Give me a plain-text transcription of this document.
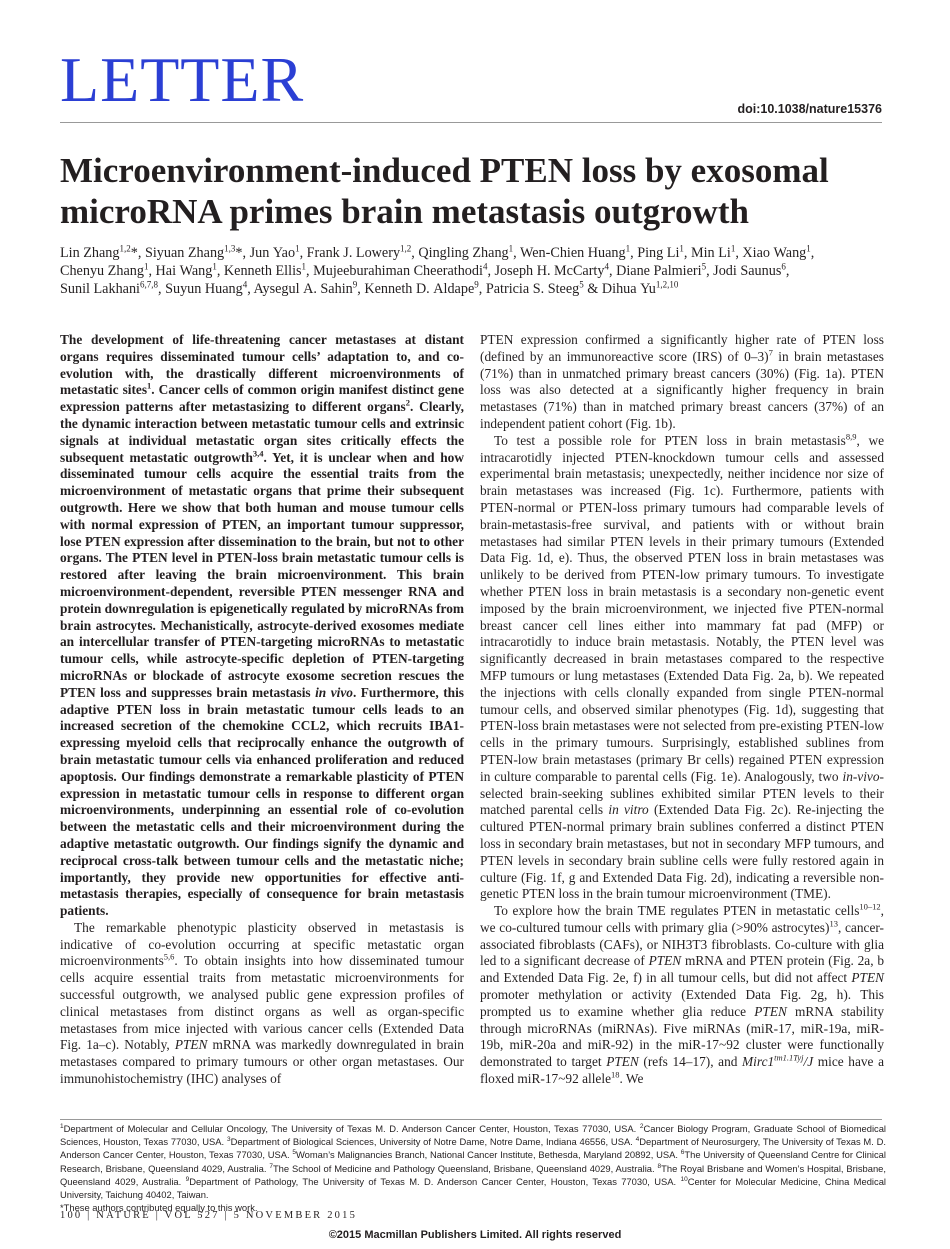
LETTER	doi:10.1038/nature15376
Microenvironment-induced PTEN loss by exosomal microRNA primes brain metastasis outgrowth
Lin Zhang$^{1,2}$*, Siyuan Zhang$^{1,3}$*, Jun Yao$^1$, Frank J. Lowery$^{1,2}$, Qingling Zhang$^1$, Wen-Chien Huang$^1$, Ping Li$^1$, Min Li$^1$, Xiao Wang$^1$, Chenyu Zhang$^1$, Hai Wang$^1$, Kenneth Ellis$^1$, Mujeeburahiman Cheerathodi$^4$, Joseph H. McCarty$^4$, Diane Palmieri$^5$, Jodi Saunus$^6$, Sunil Lakhani$^{6,7,8}$, Suyun Huang$^4$, Aysegul A. Sahin$^9$, Kenneth D. Aldape$^9$, Patricia S. Steeg$^5$ & Dihua Yu$^{1,2,10}$

The development of life-threatening cancer metastases at distant organs requires disseminated tumour cells’ adaptation to, and co-evolution with, the drastically different microenvironments of metastatic sites$^1$. Cancer cells of common origin manifest distinct gene expression patterns after metastasizing to different organs$^2$. Clearly, the dynamic interaction between metastatic tumour cells and extrinsic signals at individual metastatic organ sites critically effects the subsequent metastatic outgrowth$^{3,4}$. Yet, it is unclear when and how disseminated tumour cells acquire the essential traits from the microenvironment of metastatic organs that prime their subsequent outgrowth. Here we show that both human and mouse tumour cells with normal expression of PTEN, an important tumour suppressor, lose PTEN expression after dissemination to the brain, but not to other organs. The PTEN level in PTEN-loss brain metastatic tumour cells is restored after leaving the brain microenvironment. This brain microenvironment-dependent, reversible PTEN messenger RNA and protein downregulation is epigenetically regulated by microRNAs from brain astrocytes. Mechanistically, astrocyte-derived exosomes mediate an intercellular transfer of PTEN-targeting microRNAs to metastatic tumour cells, while astrocyte-specific depletion of PTEN-targeting microRNAs or blockade of astrocyte exosome secretion rescues the PTEN loss and suppresses brain metastasis in vivo. Furthermore, this adaptive PTEN loss in brain metastatic tumour cells leads to an increased secretion of the chemokine CCL2, which recruits IBA1-expressing myeloid cells that reciprocally enhance the outgrowth of brain metastatic tumour cells via enhanced proliferation and reduced apoptosis. Our findings demonstrate a remarkable plasticity of PTEN expression in metastatic tumour cells in response to different organ microenvironments, underpinning an essential role of co-evolution between the metastatic cells and their microenvironment during the adaptive metastatic outgrowth. Our findings signify the dynamic and reciprocal cross-talk between tumour cells and the metastatic niche; importantly, they provide new opportunities for effective anti-metastasis therapies, especially of consequence for brain metastasis patients.

The remarkable phenotypic plasticity observed in metastasis is indicative of co-evolution occurring at specific metastatic organ microenvironments$^{5,6}$. To obtain insights into how disseminated tumour cells acquire essential traits from metastatic microenvironments for successful outgrowth, we analysed public gene expression profiles of clinical metastases from distinct organs as well as organ-specific metastases from mice injected with various cancer cells (Extended Data Fig. 1a–c). Notably, PTEN mRNA was markedly downregulated in brain metastases compared to primary tumours or other organ metastases. Our immunohistochemistry (IHC) analyses of

PTEN expression confirmed a significantly higher rate of PTEN loss (defined by an immunoreactive score (IRS) of 0–3)$^7$ in brain metastases (71%) than in unmatched primary breast cancers (30%) (Fig. 1a). PTEN loss was also detected at a significantly higher frequency in brain metastases (71%) than in matched primary breast cancers (37%) of an independent patient cohort (Fig. 1b).

To test a possible role for PTEN loss in brain metastasis$^{8,9}$, we intracarotidly injected PTEN-knockdown tumour cells and assessed experimental brain metastasis; unexpectedly, neither incidence nor size of brain metastases was increased (Fig. 1c). Furthermore, patients with PTEN-normal or PTEN-loss primary tumours had comparable levels of brain-metastasis-free survival, and patients with or without brain metastases had similar PTEN levels in their primary tumours (Extended Data Fig. 1d, e). Thus, the observed PTEN loss in brain metastases was unlikely to be derived from PTEN-low primary tumours. To investigate whether PTEN loss in brain metastasis is a secondary non-genetic event imposed by the brain microenvironment, we injected five PTEN-normal breast cancer cell lines either into mammary fat pad (MFP) or intracarotidly to induce brain metastasis. Notably, the PTEN level was significantly decreased in brain metastases compared to the respective MFP tumours or lung metastases (Extended Data Fig. 2a, b). We repeated the injections with cells clonally expanded from single PTEN-normal tumour cells, and observed similar phenotypes (Fig. 1d), suggesting that PTEN-loss brain metastases were not selected from pre-existing PTEN-low cells in the primary tumours. Surprisingly, established sublines from PTEN-low brain metastases (primary Br cells) regained PTEN expression in culture comparable to parental cells (Fig. 1e). Analogously, two in-vivo-selected brain-seeking sublines exhibited similar PTEN levels to their matched parental cells in vitro (Extended Data Fig. 2c). Re-injecting the cultured PTEN-normal primary brain sublines conferred a distinct PTEN loss in secondary brain metastases, but not in secondary MFP tumours, and PTEN levels in secondary brain subline cells were fully restored again in culture (Fig. 1f, g and Extended Data Fig. 2d), indicating a reversible non-genetic PTEN loss in the brain tumour microenvironment (TME).

To explore how the brain TME regulates PTEN in metastatic cells$^{10-12}$, we co-cultured tumour cells with primary glia (>90% astrocytes)$^{13}$, cancer-associated fibroblasts (CAFs), or NIH3T3 fibroblasts. Co-culture with glia led to a significant decrease of PTEN mRNA and PTEN protein (Fig. 2a, b and Extended Data Fig. 2e, f) in all tumour cells, but did not affect PTEN promoter methylation or activity (Extended Data Fig. 2g, h). This prompted us to examine whether glia reduce PTEN mRNA stability through microRNAs (miRNAs). Five miRNAs (miR-17, miR-19a, miR-19b, miR-20a and miR-92) in the miR-17~92 cluster were functionally demonstrated to target PTEN (refs 14–17), and $Mirc1^{tm1.1Tyj}/J$ mice have a floxed miR-17~92 allele$^{18}$. We

$^1$Department of Molecular and Cellular Oncology, The University of Texas M. D. Anderson Cancer Center, Houston, Texas 77030, USA. $^2$Cancer Biology Program, Graduate School of Biomedical Sciences, Houston, Texas 77030, USA. $^3$Department of Biological Sciences, University of Notre Dame, Notre Dame, Indiana 46556, USA. $^4$Department of Neurosurgery, The University of Texas M. D. Anderson Cancer Center, Houston, Texas 77030, USA. $^5$Woman’s Malignancies Branch, National Cancer Institute, Bethesda, Maryland 20892, USA. $^6$The University of Queensland Centre for Clinical Research, Brisbane, Queensland 4029, Australia. $^7$The School of Medicine and Pathology Queensland, Brisbane, Queensland 4029, Australia. $^8$The Royal Brisbane and Women’s Hospital, Brisbane, Queensland 4029, Australia. $^9$Department of Pathology, The University of Texas M. D. Anderson Cancer Center, Houston, Texas 77030, USA. $^{10}$Center for Molecular Medicine, China Medical University, Taichung 40402, Taiwan.
*These authors contributed equally to this work.
100 | NATURE | VOL 527 | 5 NOVEMBER 2015
©2015 Macmillan Publishers Limited. All rights reserved
